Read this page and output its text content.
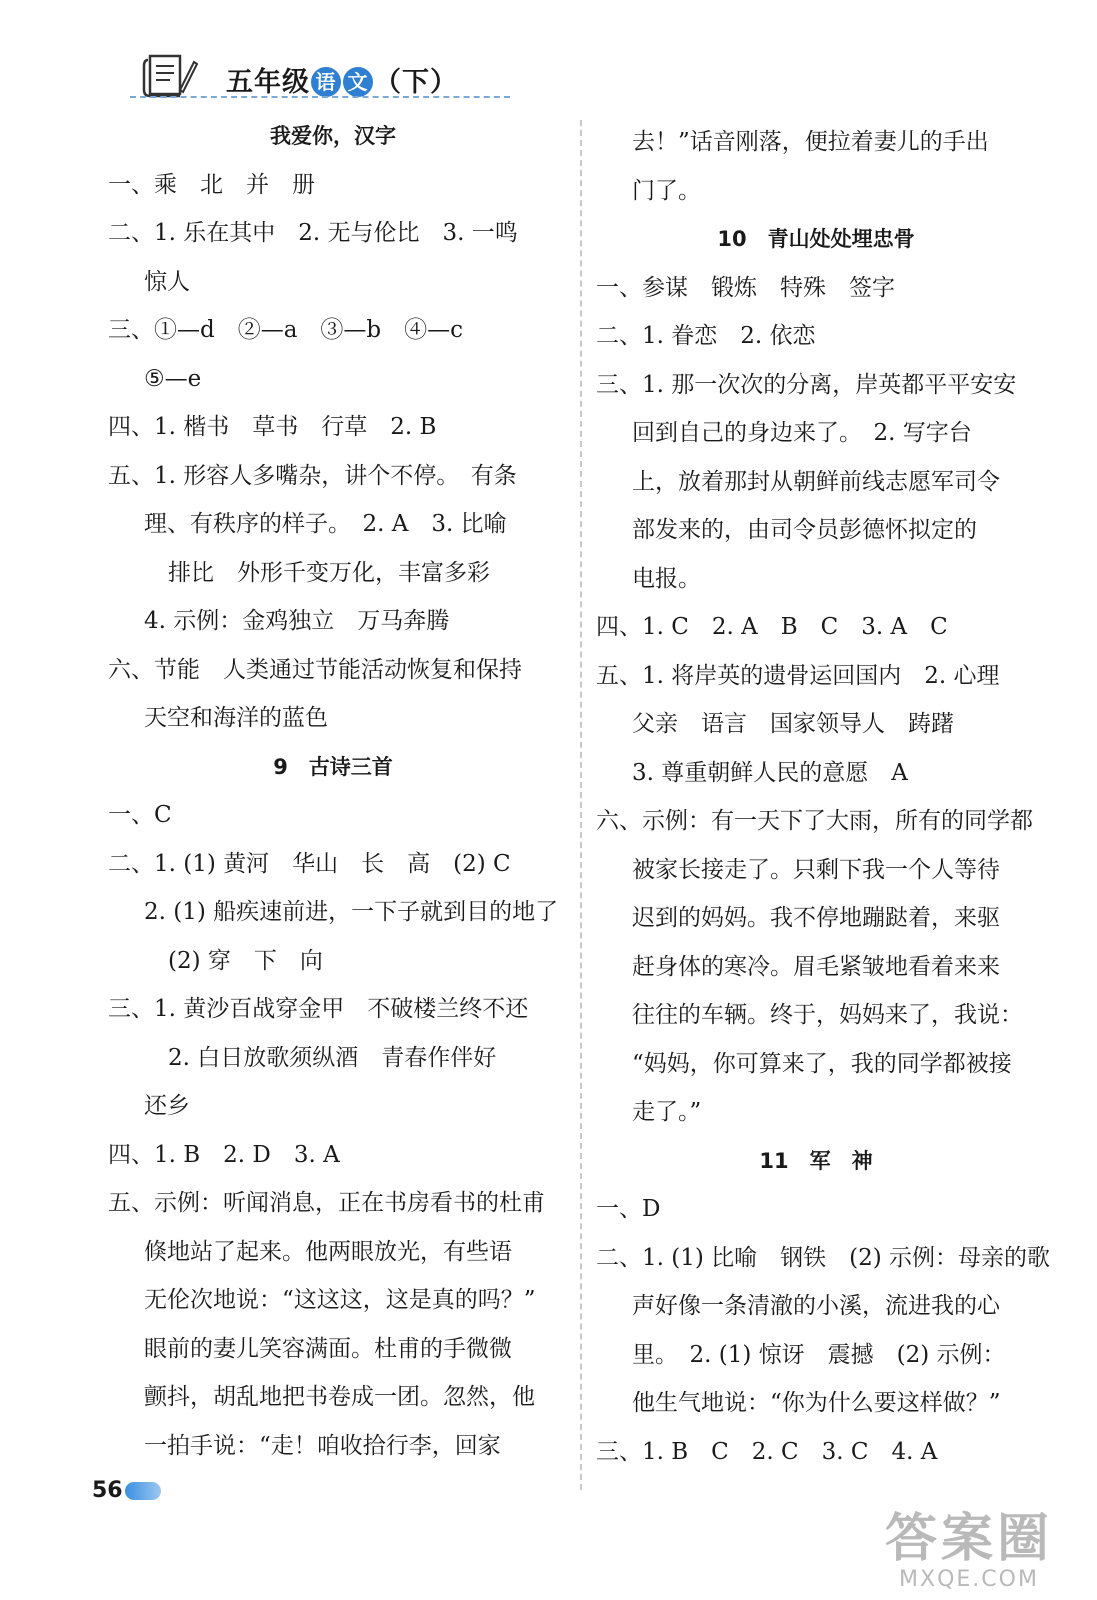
五年级 语 文 （下）
我爱你，汉字
一、乘　北　并　册
二、1. 乐在其中　2. 无与伦比　3. 一鸣
惊人
三、①—d　②—a　③—b　④—c
⑤—e
四、1. 楷书　草书　行草　2. B
五、1. 形容人多嘴杂，讲个不停。　有条
理、有秩序的样子。　2. A　3. 比喻
排比　外形千变万化，丰富多彩
4. 示例：金鸡独立　万马奔腾
六、节能　人类通过节能活动恢复和保持
天空和海洋的蓝色
9　古诗三首
一、C
二、1. (1) 黄河　华山　长　高　(2) C
2. (1) 船疾速前进，一下子就到目的地了
(2) 穿　下　向
三、1. 黄沙百战穿金甲　不破楼兰终不还
2. 白日放歌须纵酒　青春作伴好
还乡
四、1. B　2. D　3. A
五、示例：听闻消息，正在书房看书的杜甫
倏地站了起来。他两眼放光，有些语
无伦次地说：“这这这，这是真的吗？”
眼前的妻儿笑容满面。杜甫的手微微
颤抖，胡乱地把书卷成一团。忽然，他
一拍手说：“走！咱收拾行李，回家
去！”话音刚落，便拉着妻儿的手出
门了。
10　青山处处埋忠骨
一、参谋　锻炼　特殊　签字
二、1. 眷恋　2. 依恋
三、1. 那一次次的分离，岸英都平平安安
回到自己的身边来了。　2. 写字台
上，放着那封从朝鲜前线志愿军司令
部发来的，由司令员彭德怀拟定的
电报。
四、1. C　2. A　B　C　3. A　C
五、1. 将岸英的遗骨运回国内　2. 心理
父亲　语言　国家领导人　踌躇
3. 尊重朝鲜人民的意愿　A
六、示例：有一天下了大雨，所有的同学都
被家长接走了。只剩下我一个人等待
迟到的妈妈。我不停地蹦跶着，来驱
赶身体的寒冷。眉毛紧皱地看着来来
往往的车辆。终于，妈妈来了，我说：
“妈妈，你可算来了，我的同学都被接
走了。”
11　军　神
一、D
二、1. (1) 比喻　钢铁　(2) 示例：母亲的歌
声好像一条清澈的小溪，流进我的心
里。　2. (1) 惊讶　震撼　(2) 示例：
他生气地说：“你为什么要这样做？”
三、1. B　C　2. C　3. C　4. A
56
答案圈
MXQE.COM
